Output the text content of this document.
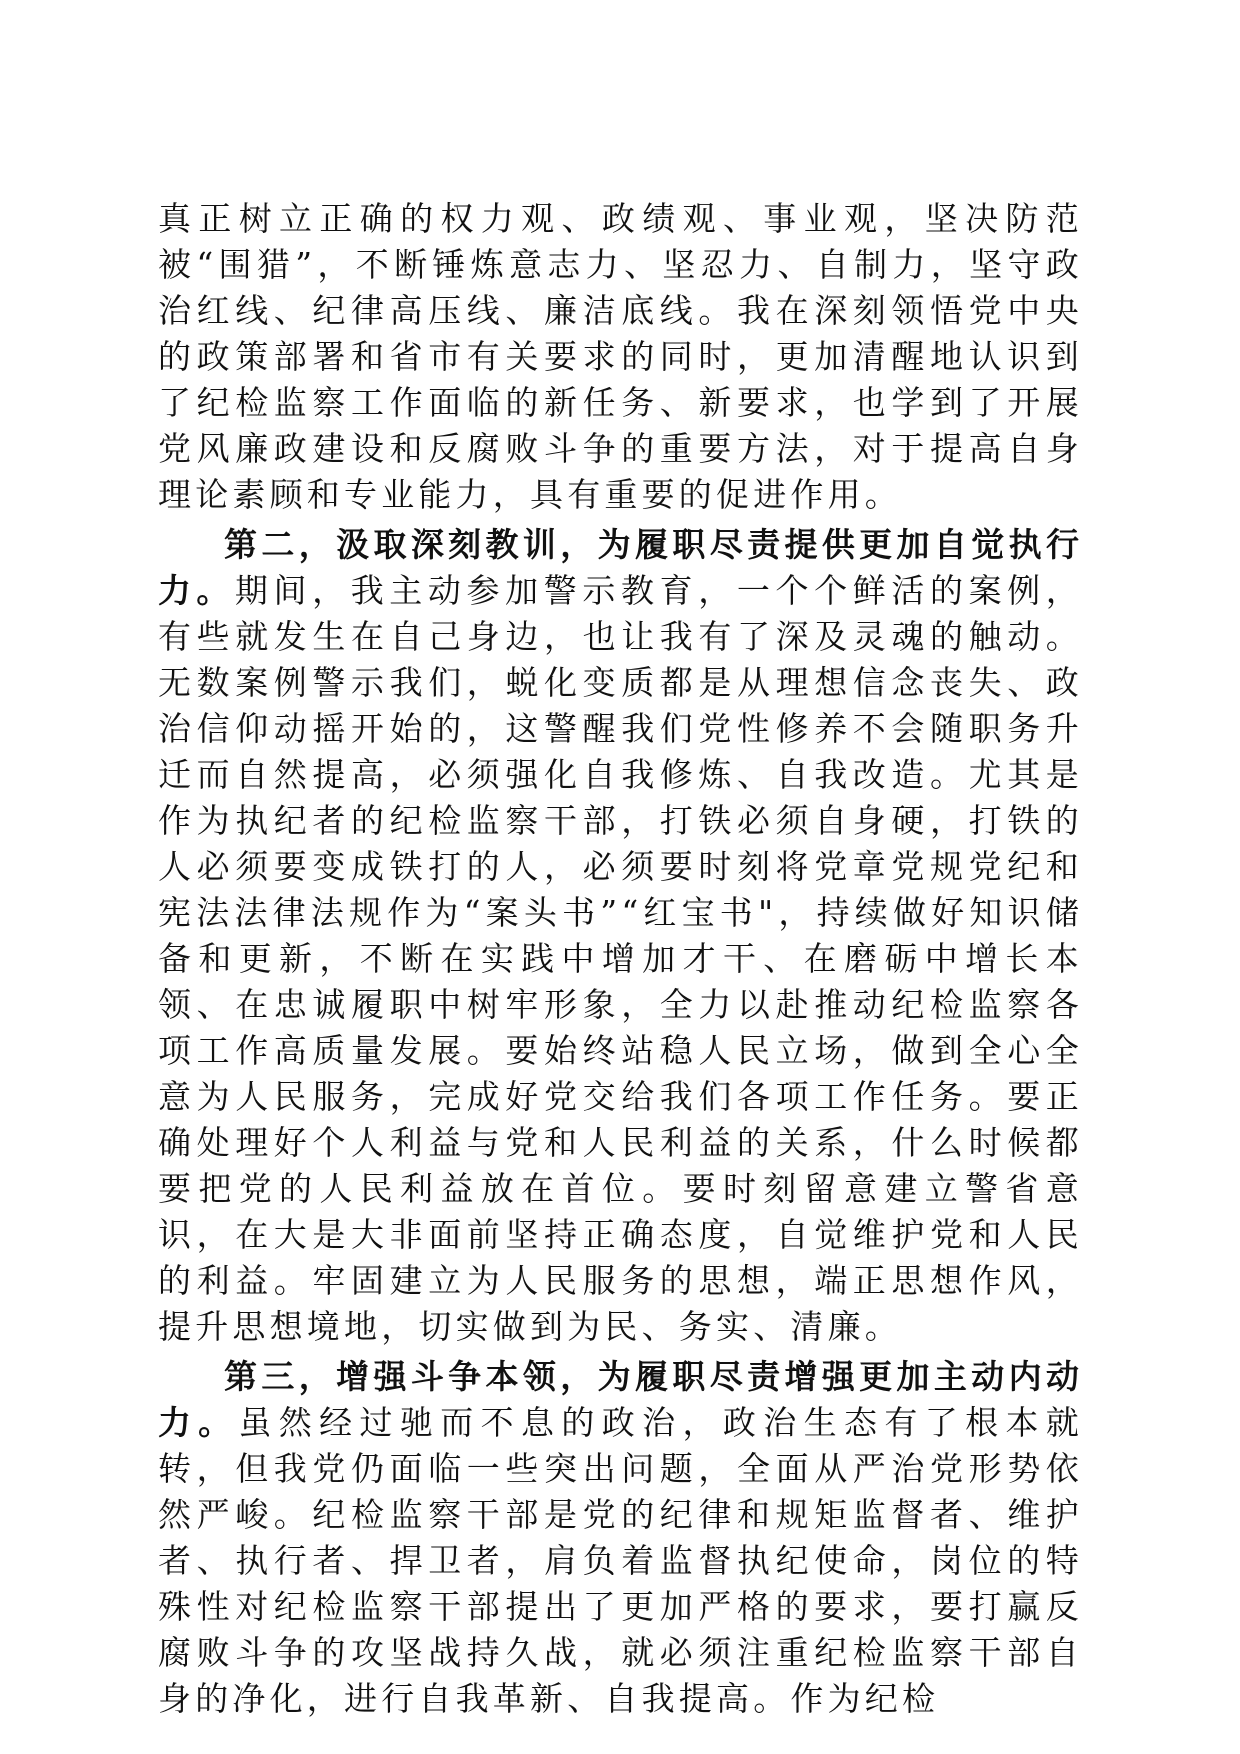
真正树立正确的权力观、政绩观、事业观，坚决防范被“围猎”，不断锤炼意志力、坚忍力、自制力，坚守政治红线、纪律高压线、廉洁底线。我在深刻领悟党中央的政策部署和省市有关要求的同时，更加清醒地认识到了纪检监察工作面临的新任务、新要求，也学到了开展党风廉政建设和反腐败斗争的重要方法，对于提高自身理论素顾和专业能力，具有重要的促进作用。

第二，汲取深刻教训，为履职尽责提供更加自觉执行力。期间，我主动参加警示教育，一个个鲜活的案例，有些就发生在自己身边，也让我有了深及灵魂的触动。无数案例警示我们，蜕化变质都是从理想信念丧失、政治信仰动摇开始的，这警醒我们党性修养不会随职务升迁而自然提高，必须强化自我修炼、自我改造。尤其是作为执纪者的纪检监察干部，打铁必须自身硬，打铁的人必须要变成铁打的人，必须要时刻将党章党规党纪和宪法法律法规作为“案头书”“红宝书"，持续做好知识储备和更新，不断在实践中增加才干、在磨砺中增长本领、在忠诚履职中树牢形象，全力以赴推动纪检监察各项工作高质量发展。要始终站稳人民立场，做到全心全意为人民服务，完成好党交给我们各项工作任务。要正确处理好个人利益与党和人民利益的关系，什么时候都要把党的人民利益放在首位。要时刻留意建立警省意识，在大是大非面前坚持正确态度，自觉维护党和人民的利益。牢固建立为人民服务的思想，端正思想作风，提升思想境地，切实做到为民、务实、清廉。

第三，增强斗争本领，为履职尽责增强更加主动内动力。虽然经过驰而不息的政治，政治生态有了根本就转，但我党仍面临一些突出问题，全面从严治党形势依然严峻。纪检监察干部是党的纪律和规矩监督者、维护者、执行者、捍卫者，肩负着监督执纪使命，岗位的特殊性对纪检监察干部提出了更加严格的要求，要打赢反腐败斗争的攻坚战持久战，就必须注重纪检监察干部自身的净化，进行自我革新、自我提高。作为纪检
